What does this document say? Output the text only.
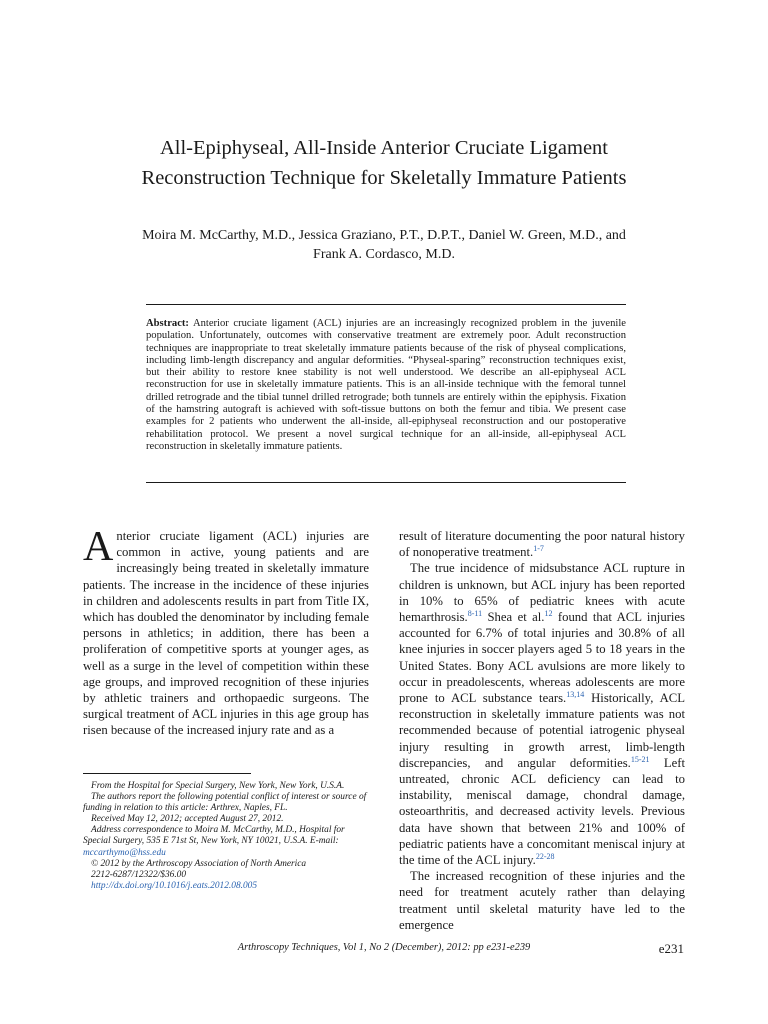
All-Epiphyseal, All-Inside Anterior Cruciate Ligament
Reconstruction Technique for Skeletally Immature Patients
Moira M. McCarthy, M.D., Jessica Graziano, P.T., D.P.T., Daniel W. Green, M.D., and
Frank A. Cordasco, M.D.
Abstract: Anterior cruciate ligament (ACL) injuries are an increasingly recognized problem in the juvenile population. Unfortunately, outcomes with conservative treatment are extremely poor. Adult reconstruction techniques are inappropriate to treat skeletally immature patients because of the risk of physeal complications, including limb-length discrepancy and angular deformities. “Physeal-sparing” reconstruction techniques exist, but their ability to restore knee stability is not well understood. We describe an all-epiphyseal ACL reconstruction for use in skeletally immature patients. This is an all-inside technique with the femoral tunnel drilled retrograde and the tibial tunnel drilled retrograde; both tunnels are entirely within the epiphysis. Fixation of the hamstring autograft is achieved with soft-tissue buttons on both the femur and tibia. We present case examples for 2 patients who underwent the all-inside, all-epiphyseal reconstruction and our postoperative rehabilitation protocol. We present a novel surgical technique for an all-inside, all-epiphyseal ACL reconstruction in skeletally immature patients.

Anterior cruciate ligament (ACL) injuries are common in active, young patients and are increasingly being treated in skeletally immature patients. The increase in the incidence of these injuries in children and adolescents results in part from Title IX, which has doubled the denominator by including female persons in athletics; in addition, there has been a proliferation of competitive sports at younger ages, as well as a surge in the level of competition within these age groups, and improved recognition of these injuries by athletic trainers and orthopaedic surgeons. The surgical treatment of ACL injuries in this age group has risen because of the increased injury rate and as a

result of literature documenting the poor natural history of nonoperative treatment.$^{1-7}$

The true incidence of midsubstance ACL rupture in children is unknown, but ACL injury has been reported in 10% to 65% of pediatric knees with acute hemarthrosis.$^{8-11}$ Shea et al.$^{12}$ found that ACL injuries accounted for 6.7% of total injuries and 30.8% of all knee injuries in soccer players aged 5 to 18 years in the United States. Bony ACL avulsions are more likely to occur in preadolescents, whereas adolescents are more prone to ACL substance tears.$^{13,14}$ Historically, ACL reconstruction in skeletally immature patients was not recommended because of potential iatrogenic physeal injury resulting in growth arrest, limb-length discrepancies, and angular deformities.$^{15-21}$ Left untreated, chronic ACL deficiency can lead to instability, meniscal damage, chondral damage, osteoarthritis, and decreased activity levels. Previous data have shown that between 21% and 100% of pediatric patients have a concomitant meniscal injury at the time of the ACL injury.$^{22-28}$

The increased recognition of these injuries and the need for treatment acutely rather than delaying treatment until skeletal maturity have led to the emergence

From the Hospital for Special Surgery, New York, New York, U.S.A.
The authors report the following potential conflict of interest or source of funding in relation to this article: Arthrex, Naples, FL.
Received May 12, 2012; accepted August 27, 2012.
Address correspondence to Moira M. McCarthy, M.D., Hospital for Special Surgery, 535 E 71st St, New York, NY 10021, U.S.A. E-mail: mccarthymo@hss.edu
© 2012 by the Arthroscopy Association of North America
2212-6287/12322/$36.00
http://dx.doi.org/10.1016/j.eats.2012.08.005
Arthroscopy Techniques, Vol 1, No 2 (December), 2012: pp e231-e239	e231
